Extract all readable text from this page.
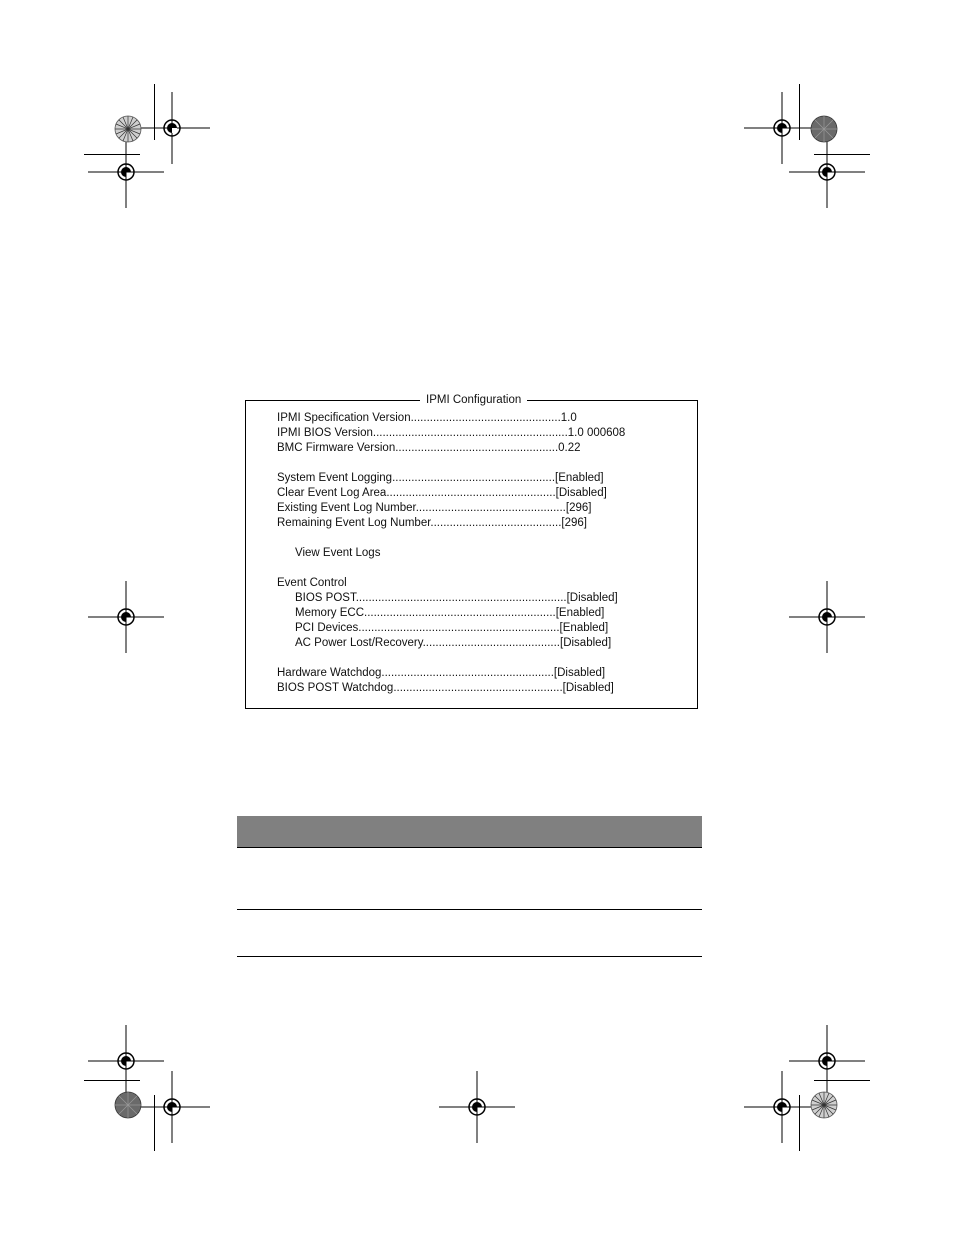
IPMI Configuration
IPMI Specification Version...............................................1.0
IPMI BIOS Version.............................................................1.0 000608
BMC Firmware Version...................................................0.22
System Event Logging...................................................[Enabled]
Clear Event Log Area.....................................................[Disabled]
Existing Event Log Number...............................................[296]
Remaining Event Log Number.........................................[296]
View Event Logs
Event Control
BIOS POST..................................................................[Disabled]
Memory ECC............................................................[Enabled]
PCI Devices...............................................................[Enabled]
AC Power Lost/Recovery...........................................[Disabled]
Hardware Watchdog......................................................[Disabled]
BIOS POST Watchdog.....................................................[Disabled]
